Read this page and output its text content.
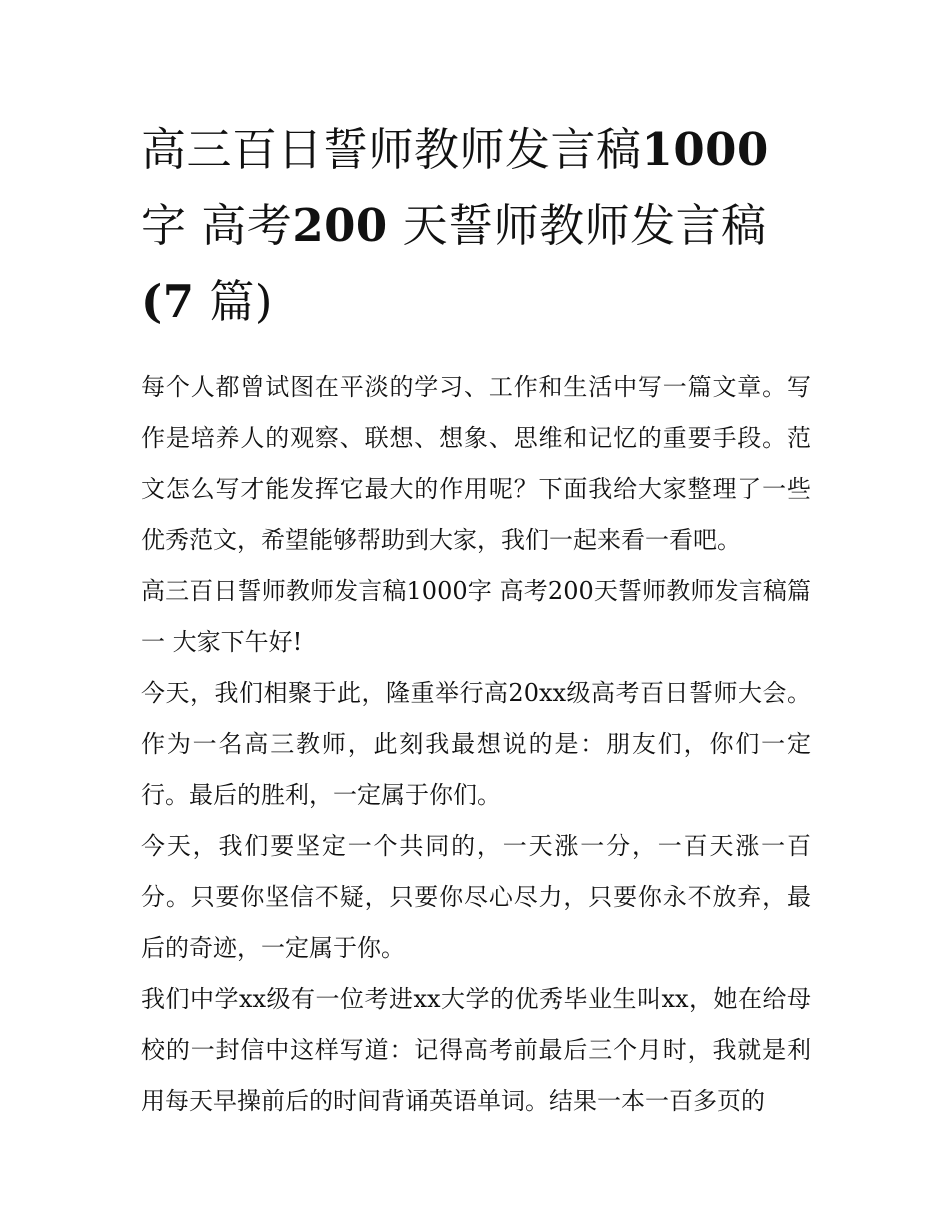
高三百日誓师教师发言稿1000
字 高考200 天誓师教师发言稿
(7 篇)

每个人都曾试图在平淡的学习、工作和生活中写一篇文章。写作是培养人的观察、联想、想象、思维和记忆的重要手段。范文怎么写才能发挥它最大的作用呢？下面我给大家整理了一些优秀范文，希望能够帮助到大家，我们一起来看一看吧。

高三百日誓师教师发言稿1000字 高考200天誓师教师发言稿篇一 大家下午好!

今天，我们相聚于此，隆重举行高20xx级高考百日誓师大会。作为一名高三教师，此刻我最想说的是：朋友们，你们一定行。最后的胜利，一定属于你们。

今天，我们要坚定一个共同的，一天涨一分，一百天涨一百分。只要你坚信不疑，只要你尽心尽力，只要你永不放弃，最后的奇迹，一定属于你。

我们中学xx级有一位考进xx大学的优秀毕业生叫xx，她在给母校的一封信中这样写道：记得高考前最后三个月时，我就是利用每天早操前后的时间背诵英语单词。结果一本一百多页的
